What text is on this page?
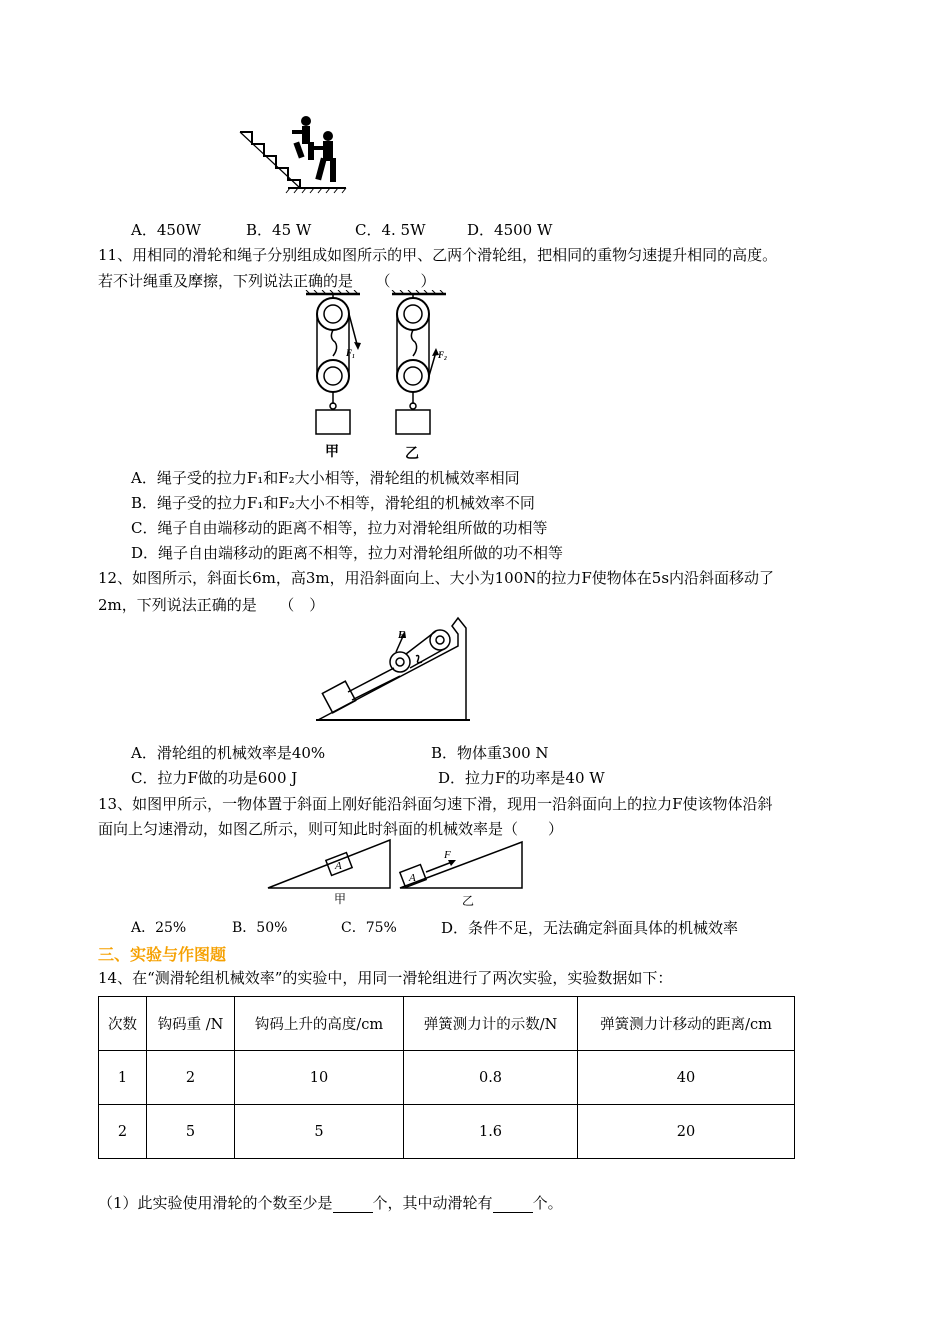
A．450W	B．45 W	C．4. 5W	D．4500 W
11、用相同的滑轮和绳子分别组成如图所示的甲、乙两个滑轮组，把相同的重物匀速提升相同的高度。
若不计绳重及摩擦，下列说法正确的是　　（　　）
F₁	F₂
甲	乙
A．绳子受的拉力F₁和F₂大小相等，滑轮组的机械效率相同
B．绳子受的拉力F₁和F₂大小不相等，滑轮组的机械效率不同
C．绳子自由端移动的距离不相等，拉力对滑轮组所做的功相等
D．绳子自由端移动的距离不相等，拉力对滑轮组所做的功不相等
12、如图所示，斜面长6m，高3m，用沿斜面向上、大小为100N的拉力F使物体在5s内沿斜面移动了
2m，下列说法正确的是　　（　）
F
A．滑轮组的机械效率是40%	B．物体重300 N
C．拉力F做的功是600 J	D．拉力F的功率是40 W
13、如图甲所示，一物体置于斜面上刚好能沿斜面匀速下滑，现用一沿斜面向上的拉力F使该物体沿斜
面向上匀速滑动，如图乙所示，则可知此时斜面的机械效率是（　　）
A
A
F
甲	乙
A．25%	B．50%	C．75%	D．条件不足，无法确定斜面具体的机械效率
三、实验与作图题
14、在“测滑轮组机械效率”的实验中，用同一滑轮组进行了两次实验，实验数据如下：
次数	钩码重 /N	钩码上升的高度/cm	弹簧测力计的示数/N	弹簧测力计移动的距离/cm
1	2	10	0.8	40
2	5	5	1.6	20
（1）此实验使用滑轮的个数至少是	个，其中动滑轮有	个。
